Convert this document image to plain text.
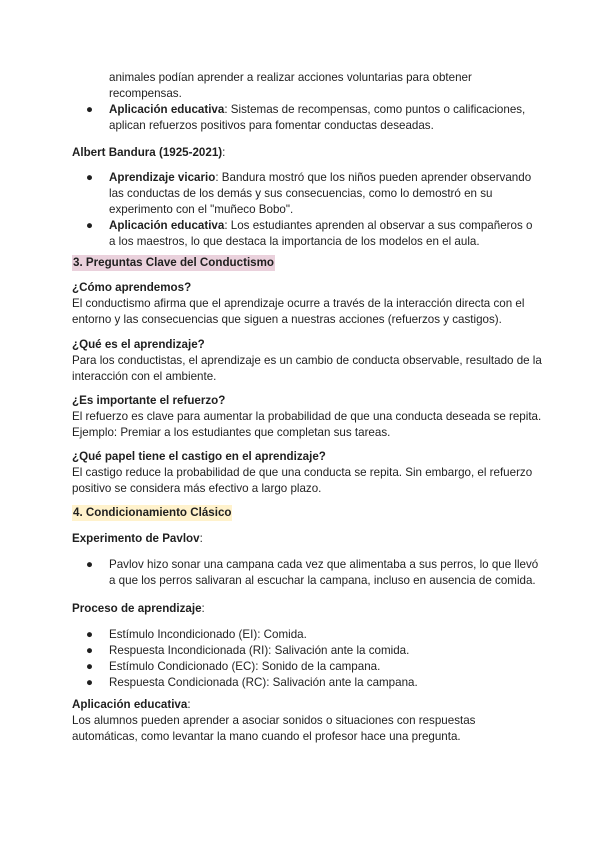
animales podían aprender a realizar acciones voluntarias para obtener recompensas.

● Aplicación educativa: Sistemas de recompensas, como puntos o calificaciones, aplican refuerzos positivos para fomentar conductas deseadas.

Albert Bandura (1925-2021):

● Aprendizaje vicario: Bandura mostró que los niños pueden aprender observando las conductas de los demás y sus consecuencias, como lo demostró en su experimento con el "muñeco Bobo".
● Aplicación educativa: Los estudiantes aprenden al observar a sus compañeros o a los maestros, lo que destaca la importancia de los modelos en el aula.

3. Preguntas Clave del Conductismo

¿Cómo aprendemos?

El conductismo afirma que el aprendizaje ocurre a través de la interacción directa con el entorno y las consecuencias que siguen a nuestras acciones (refuerzos y castigos).

¿Qué es el aprendizaje?

Para los conductistas, el aprendizaje es un cambio de conducta observable, resultado de la interacción con el ambiente.

¿Es importante el refuerzo?

El refuerzo es clave para aumentar la probabilidad de que una conducta deseada se repita. Ejemplo: Premiar a los estudiantes que completan sus tareas.

¿Qué papel tiene el castigo en el aprendizaje?

El castigo reduce la probabilidad de que una conducta se repita. Sin embargo, el refuerzo positivo se considera más efectivo a largo plazo.

4. Condicionamiento Clásico

Experimento de Pavlov:

● Pavlov hizo sonar una campana cada vez que alimentaba a sus perros, lo que llevó a que los perros salivaran al escuchar la campana, incluso en ausencia de comida.

Proceso de aprendizaje:

● Estímulo Incondicionado (EI): Comida.
● Respuesta Incondicionada (RI): Salivación ante la comida.
● Estímulo Condicionado (EC): Sonido de la campana.
● Respuesta Condicionada (RC): Salivación ante la campana.

Aplicación educativa:

Los alumnos pueden aprender a asociar sonidos o situaciones con respuestas automáticas, como levantar la mano cuando el profesor hace una pregunta.
